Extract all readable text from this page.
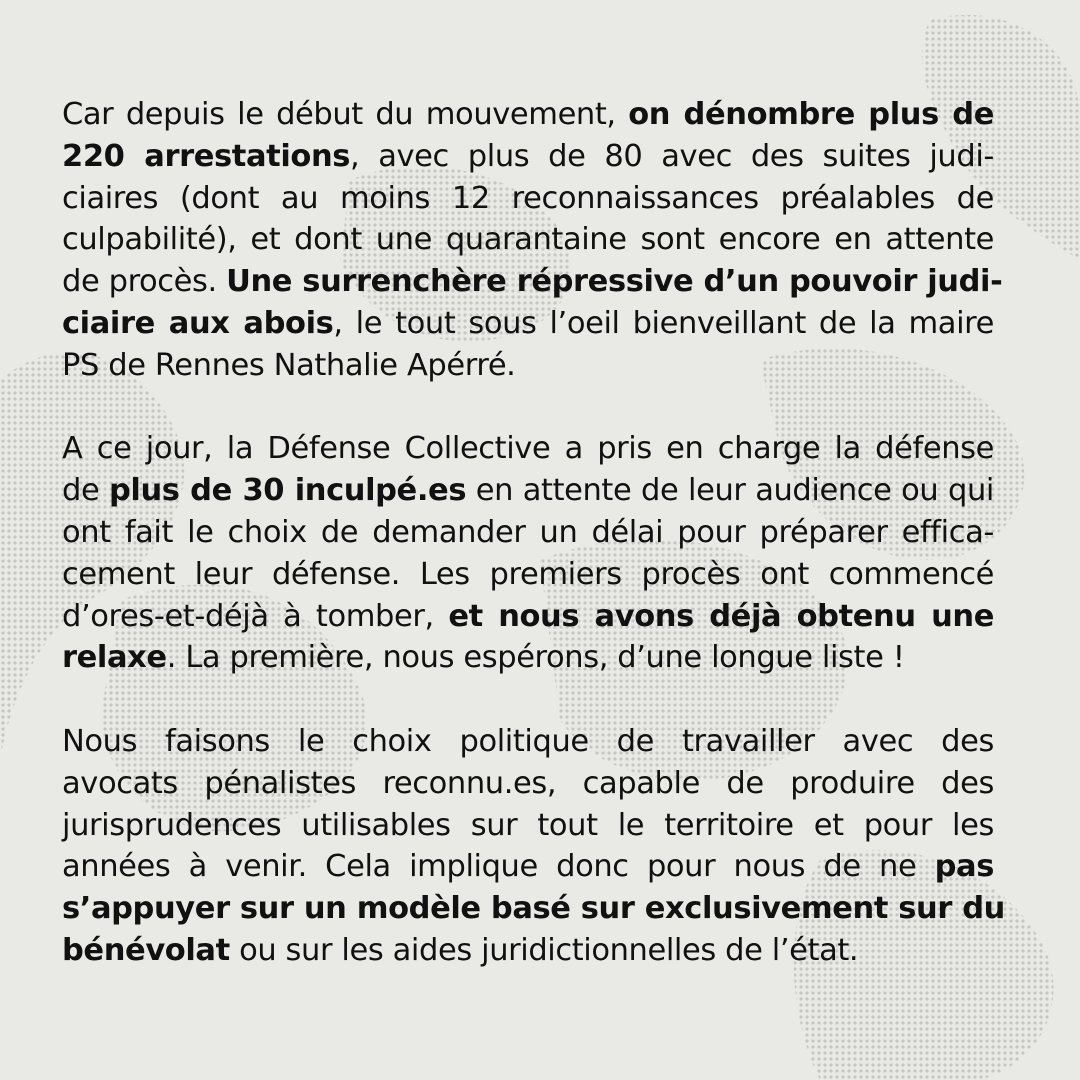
Car depuis le début du mouvement, on dénombre plus de
220 arrestations, avec plus de 80 avec des suites judi-
ciaires (dont au moins 12 reconnaissances préalables de
culpabilité), et dont une quarantaine sont encore en attente
de procès. Une surrenchère répressive d’un pouvoir judi-
ciaire aux abois, le tout sous l’oeil bienveillant de la maire
PS de Rennes Nathalie Apérré.
A ce jour, la Défense Collective a pris en charge la défense
de plus de 30 inculpé.es en attente de leur audience ou qui
ont fait le choix de demander un délai pour préparer effica-
cement leur défense. Les premiers procès ont commencé
d’ores-et-déjà à tomber, et nous avons déjà obtenu une
relaxe. La première, nous espérons, d’une longue liste !
Nous faisons le choix politique de travailler avec des
avocats pénalistes reconnu.es, capable de produire des
jurisprudences utilisables sur tout le territoire et pour les
années à venir. Cela implique donc pour nous de ne pas
s’appuyer sur un modèle basé sur exclusivement sur du
bénévolat ou sur les aides juridictionnelles de l’état.
